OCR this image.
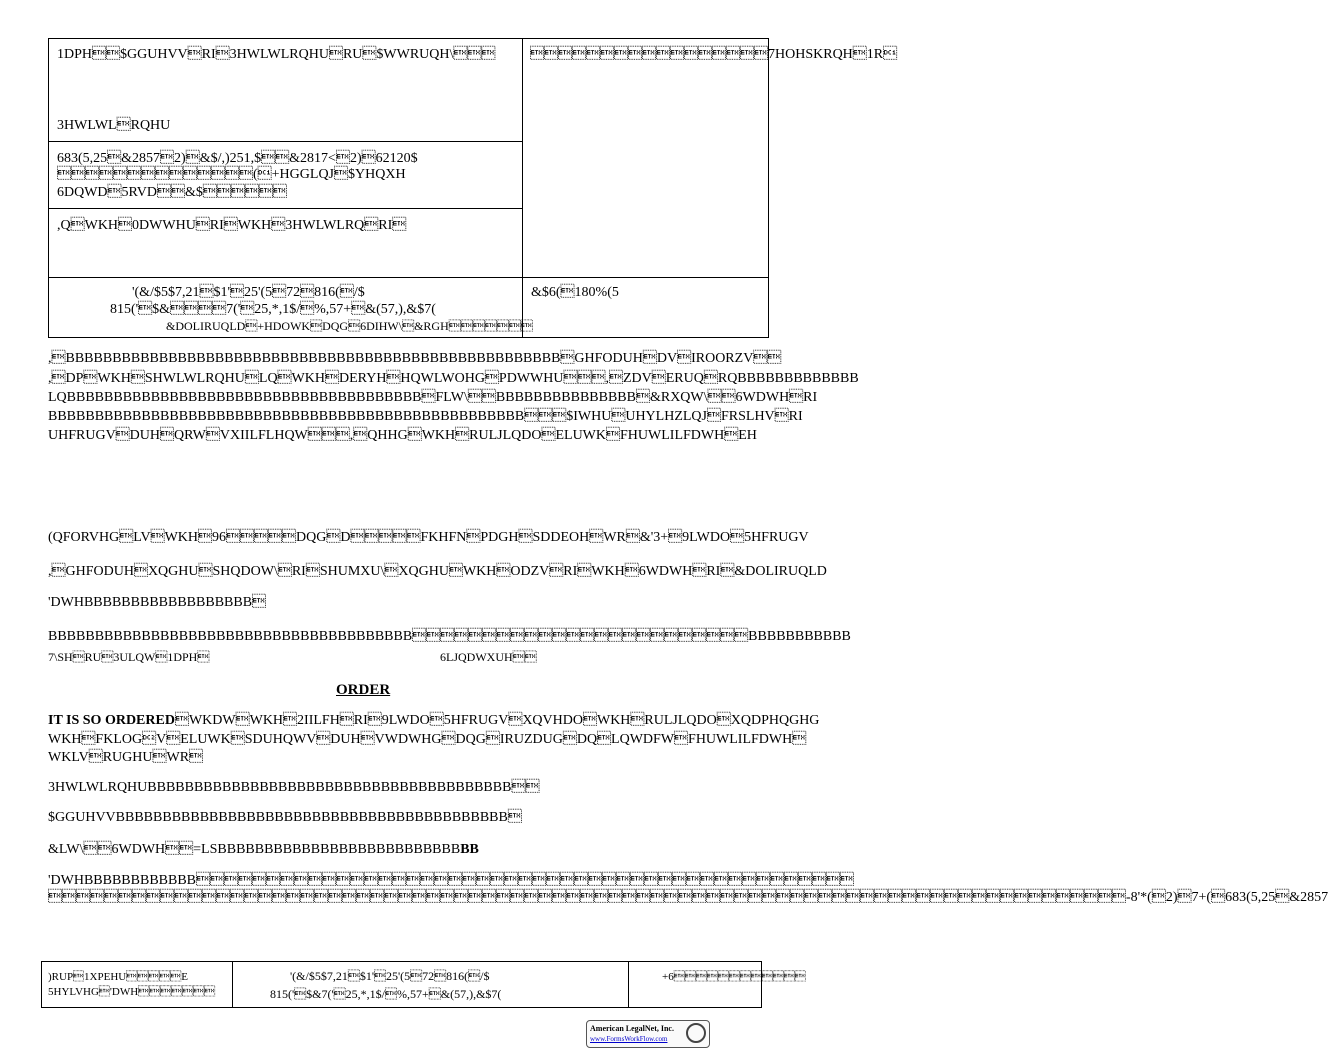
1DPH$GGUHVVRI3HWLWLRQHURU$WWRUQH\ 7HOHSKRQH1R
3HWLWLRQHU
683(5,25&28572)&$/,)251,$&2817<2)62120$
(+HGGLQJ$YHQXH
6DQWD5RVD&$
,QWKH0DWWHURIWKH3HWLWLRQRI
'(&/$5$7,21$1'25'(572816(/$
815('$&7('25,*,1$/%,57+&(57,),&$7(
&DOLIRUQLD+HDOWKDQG6DIHW\&RGH
&$6(180%(5
,BBBBBBBBBBBBBBBBBBBBBBBBBBBBBBBBBBBBBBBBBBBBBBBBBBBBBGHFODUHDVIROORZV
,DPWKHSHWLWLRQHULQWKHDERYHHQWLWOHGPDWWHU,ZDVERUQRQBBBBBBBBBBBBB
LQBBBBBBBBBBBBBBBBBBBBBBBBBBBBBBBBBBBBBBFLW\BBBBBBBBBBBBBBB&RXQW\6WDWHRI
BBBBBBBBBBBBBBBBBBBBBBBBBBBBBBBBBBBBBBBBBBBBBBBBBBB$IWHUUHYLHZLQJFRSLHVRI
UHFRUGVDUHQRWVXIILFLHQW,QHHGWKHRULJLQDOELUWKFHUWLILFDWHEH
(QFORVHGLVWKH96DQGDFKHFNPDGHSDDEOHWR&'3+9LWDO5HFRUGV
,GHFODUHXQGHUSHQDOW\RISHUMXU\XQGHUWKHODZVRIWKH6WDWHRI&DOLIRUQLD
'DWHBBBBBBBBBBBBBBBBBB
BBBBBBBBBBBBBBBBBBBBBBBBBBBBBBBBBBBBBBBBBBBBBBBBBB
7\SHRU3ULQW1DPH	6LJQDWXUH
ORDER
IT IS SO ORDEREDWKDWWKH2IILFHRI9LWDO5HFRUGVXQVHDOWKHRULJLQDOXQDPHQGHG
WKHFKLOGVELUWKSDUHQWVDUHVWDWHGDQGIRUZDUGDQLQWDFWFHUWLILFDWH
WKLVRUGHUWR
3HWLWLRQHUBBBBBBBBBBBBBBBBBBBBBBBBBBBBBBBBBBBBBBB
$GGUHVVBBBBBBBBBBBBBBBBBBBBBBBBBBBBBBBBBBBBBBBBBB
&LW\6WDWH=LSBBBBBBBBBBBBBBBBBBBBBBBBBBBB
'DWHBBBBBBBBBBBB
-8'*(2)7+(683(5,25&2857
)RUP1XPEHUE
5HYLVHG'DWH
'(&/$5$7,21$1'25'(572816(/$
815('$&7('25,*,1$/%,57+&(57,),&$7(
+6
American LegalNet, Inc.
www.FormsWorkFlow.com
